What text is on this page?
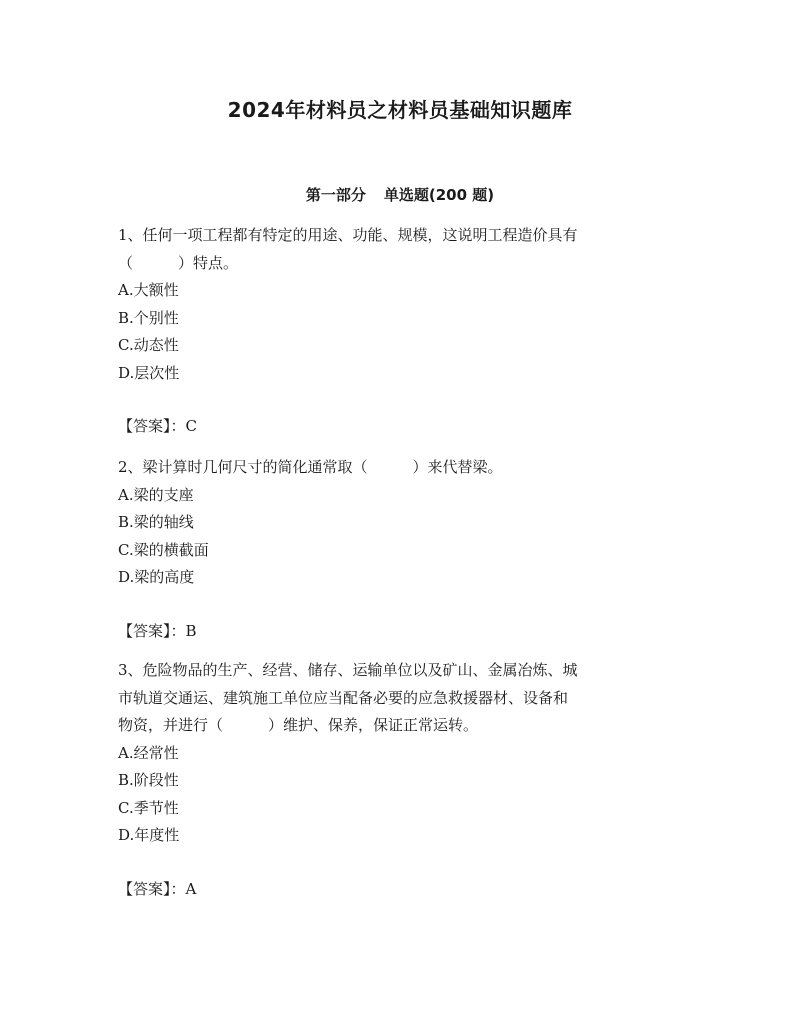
2024年材料员之材料员基础知识题库
第一部分 单选题(200 题)

1、任何一项工程都有特定的用途、功能、规模，这说明工程造价具有

（　　　）特点。

A.大额性

B.个别性

C.动态性

D.层次性

【答案】：C

2、梁计算时几何尺寸的简化通常取（　　　）来代替梁。

A.梁的支座

B.梁的轴线

C.梁的横截面

D.梁的高度

【答案】：B

3、危险物品的生产、经营、储存、运输单位以及矿山、金属冶炼、城

市轨道交通运、建筑施工单位应当配备必要的应急救援器材、设备和

物资，并进行（　　　）维护、保养，保证正常运转。

A.经常性

B.阶段性

C.季节性

D.年度性

【答案】：A
